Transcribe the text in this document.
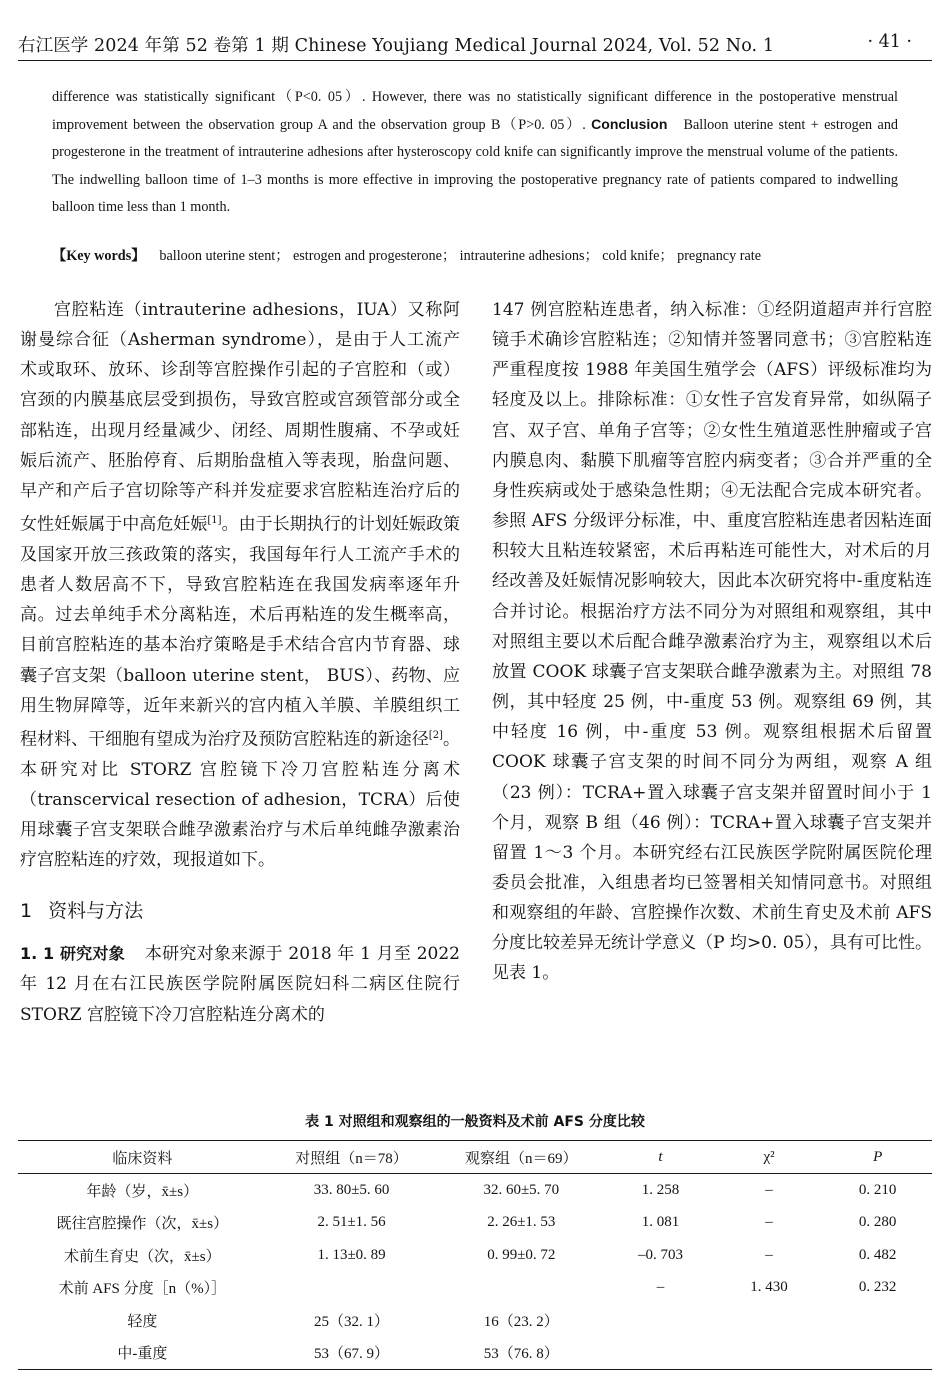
右江医学 2024 年第 52 卷第 1 期 Chinese Youjiang Medical Journal 2024, Vol. 52 No. 1	· 41 ·
difference was statistically significant（P<0. 05）. However, there was no statistically significant difference in the postoperative menstrual improvement between the observation group A and the observation group B（P>0. 05）. Conclusion Balloon uterine stent + estrogen and progesterone in the treatment of intrauterine adhesions after hysteroscopy cold knife can significantly improve the menstrual volume of the patients. The indwelling balloon time of 1–3 months is more effective in improving the postoperative pregnancy rate of patients compared to indwelling balloon time less than 1 month.
【Key words】 balloon uterine stent； estrogen and progesterone； intrauterine adhesions； cold knife； pregnancy rate

宫腔粘连（intrauterine adhesions，IUA）又称阿谢曼综合征（Asherman syndrome），是由于人工流产术或取环、放环、诊刮等宫腔操作引起的子宫腔和（或）宫颈的内膜基底层受到损伤，导致宫腔或宫颈管部分或全部粘连，出现月经量减少、闭经、周期性腹痛、不孕或妊娠后流产、胚胎停育、后期胎盘植入等表现，胎盘问题、早产和产后子宫切除等产科并发症要求宫腔粘连治疗后的女性妊娠属于中高危妊娠[1]。由于长期执行的计划妊娠政策及国家开放三孩政策的落实，我国每年行人工流产手术的患者人数居高不下，导致宫腔粘连在我国发病率逐年升高。过去单纯手术分离粘连，术后再粘连的发生概率高，目前宫腔粘连的基本治疗策略是手术结合宫内节育器、球囊子宫支架（balloon uterine stent， BUS）、药物、应用生物屏障等，近年来新兴的宫内植入羊膜、羊膜组织工程材料、干细胞有望成为治疗及预防宫腔粘连的新途径[2]。本研究对比 STORZ 宫腔镜下冷刀宫腔粘连分离术（transcervical resection of adhesion，TCRA）后使用球囊子宫支架联合雌孕激素治疗与术后单纯雌孕激素治疗宫腔粘连的疗效，现报道如下。

1 资料与方法

1. 1 研究对象 本研究对象来源于 2018 年 1 月至 2022 年 12 月在右江民族医学院附属医院妇科二病区住院行 STORZ 宫腔镜下冷刀宫腔粘连分离术的

147 例宫腔粘连患者，纳入标准：①经阴道超声并行宫腔镜手术确诊宫腔粘连；②知情并签署同意书；③宫腔粘连严重程度按 1988 年美国生殖学会（AFS）评级标准均为轻度及以上。排除标准：①女性子宫发育异常，如纵隔子宫、双子宫、单角子宫等；②女性生殖道恶性肿瘤或子宫内膜息肉、黏膜下肌瘤等宫腔内病变者；③合并严重的全身性疾病或处于感染急性期；④无法配合完成本研究者。参照 AFS 分级评分标准，中、重度宫腔粘连患者因粘连面积较大且粘连较紧密，术后再粘连可能性大，对术后的月经改善及妊娠情况影响较大，因此本次研究将中-重度粘连合并讨论。根据治疗方法不同分为对照组和观察组，其中对照组主要以术后配合雌孕激素治疗为主，观察组以术后放置 COOK 球囊子宫支架联合雌孕激素为主。对照组 78 例，其中轻度 25 例，中-重度 53 例。观察组 69 例，其中轻度 16 例，中-重度 53 例。观察组根据术后留置 COOK 球囊子宫支架的时间不同分为两组，观察 A 组（23 例）：TCRA+置入球囊子宫支架并留置时间小于 1 个月，观察 B 组（46 例）：TCRA+置入球囊子宫支架并留置 1～3 个月。本研究经右江民族医学院附属医院伦理委员会批准，入组患者均已签署相关知情同意书。对照组和观察组的年龄、宫腔操作次数、术前生育史及术前 AFS 分度比较差异无统计学意义（P 均>0. 05），具有可比性。见表 1。

表 1 对照组和观察组的一般资料及术前 AFS 分度比较
临床资料	对照组（n＝78）	观察组（n＝69）	t	χ²	P
年龄（岁，x̄±s）	33. 80±5. 60	32. 60±5. 70	1. 258	–	0. 210
既往宫腔操作（次，x̄±s）	2. 51±1. 56	2. 26±1. 53	1. 081	–	0. 280
术前生育史（次，x̄±s）	1. 13±0. 89	0. 99±0. 72	–0. 703	–	0. 482
术前 AFS 分度［n（%）］			–	1. 430	0. 232
轻度	25（32. 1）	16（23. 2）			
中-重度	53（67. 9）	53（76. 8）			
